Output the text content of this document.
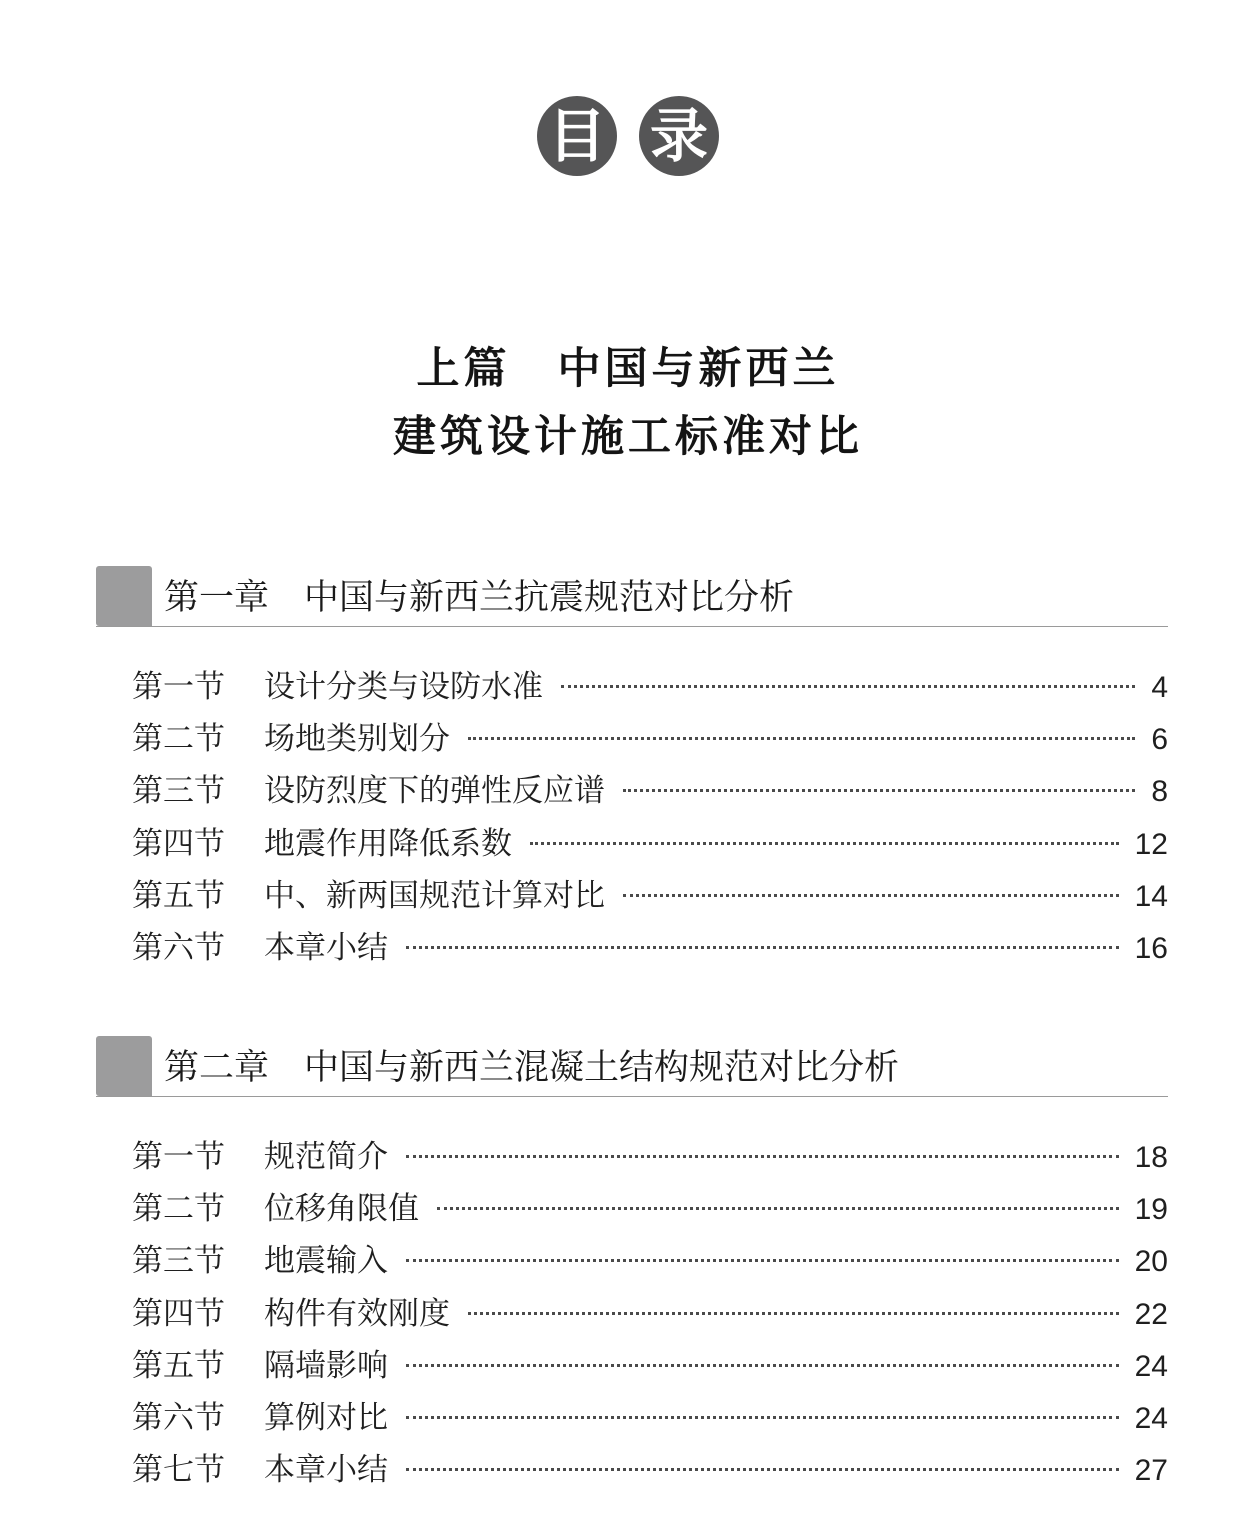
目 录
上篇　中国与新西兰
建筑设计施工标准对比
第一章　中国与新西兰抗震规范对比分析
第一节	设计分类与设防水准	4
第二节	场地类别划分	6
第三节	设防烈度下的弹性反应谱	8
第四节	地震作用降低系数	12
第五节	中、新两国规范计算对比	14
第六节	本章小结	16
第二章　中国与新西兰混凝土结构规范对比分析
第一节	规范简介	18
第二节	位移角限值	19
第三节	地震输入	20
第四节	构件有效刚度	22
第五节	隔墙影响	24
第六节	算例对比	24
第七节	本章小结	27
